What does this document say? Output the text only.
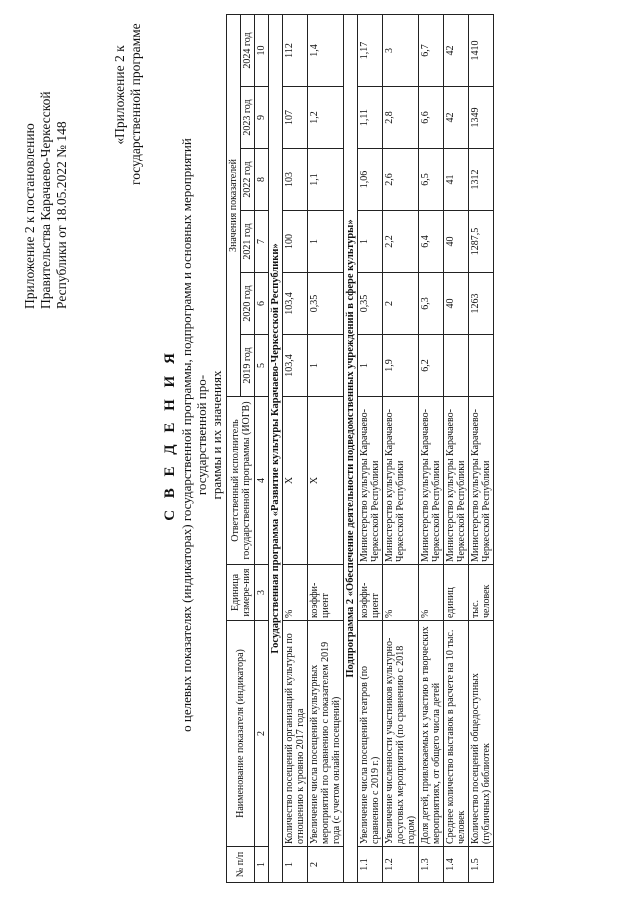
Приложение 2 к постановлению Правительства Карачаево-Черкесской Республики от 18.05.2022 № 148
«Приложение 2 к государственной программе
С В Е Д Е Н И Я о целевых показателях (индикаторах) государственной программы, подпрограмм и основных мероприятий государственной про- граммы и их значениях
№ п/п	Наименование показателя (индикатора)	Единица измере-ния	Ответственный исполнитель государственной программы (ИОГВ)	Значения показателей					
				2019 год	2020 год	2021 год	2022 год	2023 год	2024 год
1	2	3	4	5	6	7	8	9	10
Государственная программа «Развитие культуры Карачаево-Черкесской Республики»									
1	Количество посещений организаций культуры по отношению к уровню 2017 года	%	X	103,4	103,4	100	103	107	112
2	Увеличение числа посещений культурных мероприятий по сравнению с показателем 2019 года (с учетом онлайн посещений)	коэффи-циент	X	1	0,35	1	1,1	1,2	1,4
Подпрограмма 2 «Обеспечение деятельности подведомственных учреждений в сфере культуры»									
1.1	Увеличение числа посещений театров (по сравнению с 2019 г.)	коэффи-циент	Министерство культуры Карачаево-Черкесской Республики	1	0,35	1	1,06	1,11	1,17
1.2	Увеличение численности участников культурно-досуговых мероприятий (по сравнению с 2018 годом)	%	Министерство культуры Карачаево-Черкесской Республики	1,9	2	2,2	2,6	2,8	3
1.3	Доля детей, привлекаемых к участию в творческих мероприятиях, от общего числа детей	%	Министерство культуры Карачаево-Черкесской Республики	6,2	6,3	6,4	6,5	6,6	6,7
1.4	Среднее количество выставок в расчете на 10 тыс. человек	единиц	Министерство культуры Карачаево-Черкесской Республики		40	40	41	42	42
1.5	Количество посещений общедоступных (публичных) библиотек	тыс. человек	Министерство культуры Карачаево-Черкесской Республики		1263	1287,5	1312	1349	1410
